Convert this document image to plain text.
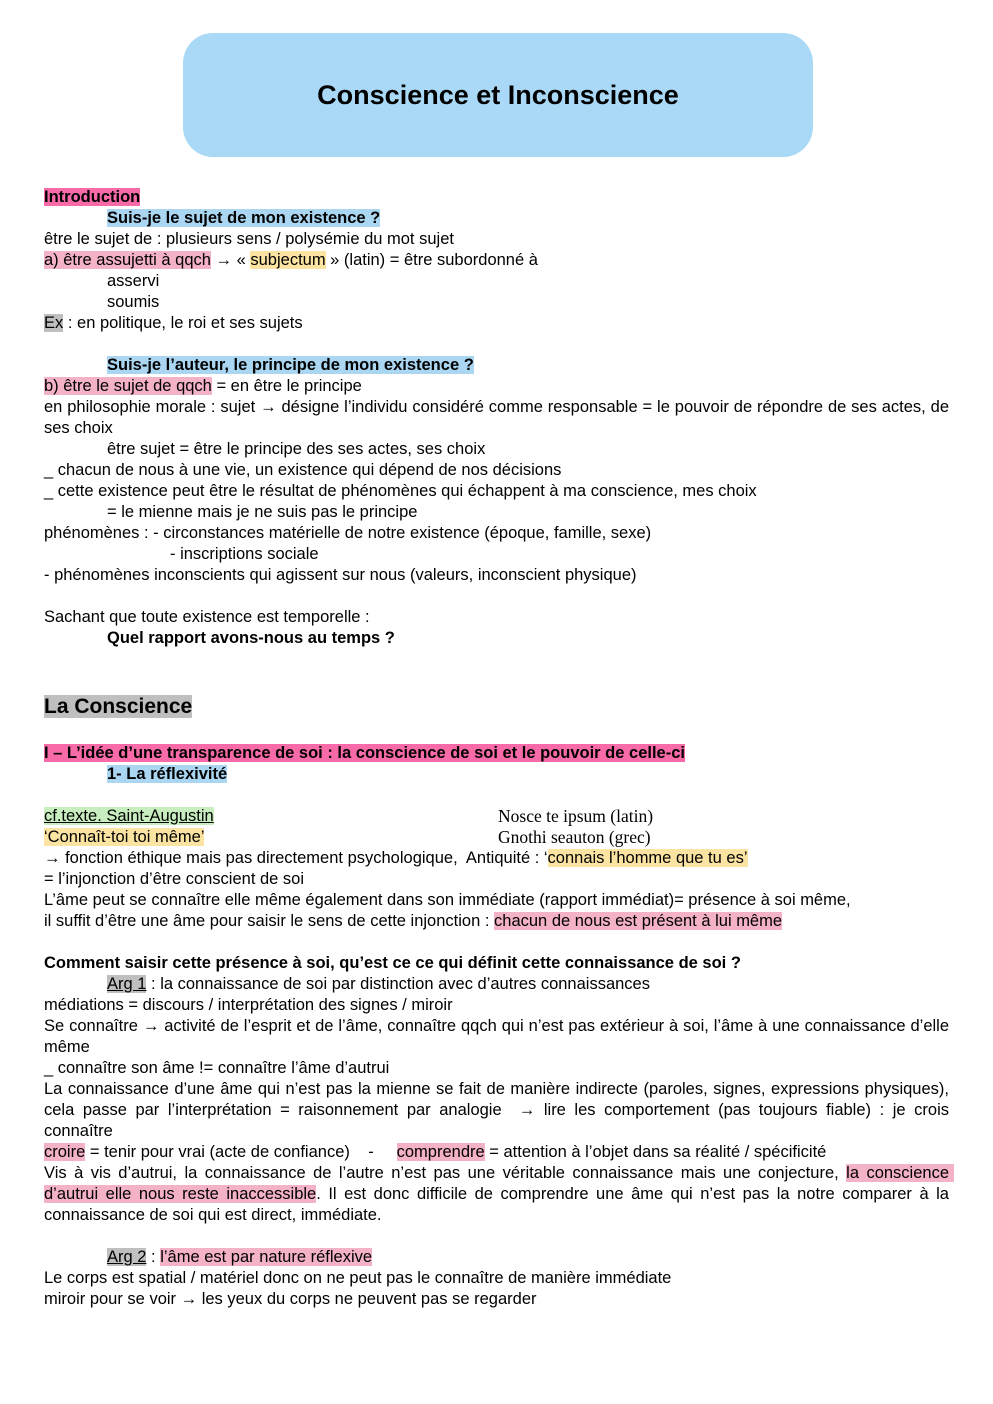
Conscience et Inconscience
Introduction
Suis-je le sujet de mon existence ?
être le sujet de : plusieurs sens / polysémie du mot sujet
a) être assujetti à qqch → « subjectum » (latin) = être subordonné à
asservi
soumis
Ex : en politique, le roi et ses sujets
Suis-je l’auteur, le principe de mon existence ?
b) être le sujet de qqch = en être le principe
en philosophie morale : sujet → désigne l’individu considéré comme responsable = le pouvoir de répondre de ses actes, de ses choix
être sujet = être le principe des ses actes, ses choix
_ chacun de nous à une vie, un existence qui dépend de nos décisions
_ cette existence peut être le résultat de phénomènes qui échappent à ma conscience, mes choix
= le mienne mais je ne suis pas le principe
phénomènes : - circonstances matérielle de notre existence (époque, famille, sexe)
- inscriptions sociale
- phénomènes inconscients qui agissent sur nous (valeurs, inconscient physique)
Sachant que toute existence est temporelle :
Quel rapport avons-nous au temps ?
La Conscience
I – L’idée d’une transparence de soi : la conscience de soi et le pouvoir de celle-ci
1- La réflexivité
cf.texte. Saint-Augustin	Nosce te ipsum (latin)
‘Connaît-toi toi même’	Gnothi seauton (grec)
→ fonction éthique mais pas directement psychologique,  Antiquité : ‘connais l’homme que tu es’
= l’injonction d’être conscient de soi
L’âme peut se connaître elle même également dans son immédiate (rapport immédiat)= présence à soi même,
il suffit d’être une âme pour saisir le sens de cette injonction : chacun de nous est présent à lui même
Comment saisir cette présence à soi, qu’est ce ce qui définit cette connaissance de soi ?
Arg 1 : la connaissance de soi par distinction avec d’autres connaissances
médiations = discours / interprétation des signes / miroir
Se connaître → activité de l’esprit et de l’âme, connaître qqch qui n’est pas extérieur à soi, l’âme à une connaissance d’elle même
_ connaître son âme != connaître l’âme d’autrui
La connaissance d’une âme qui n’est pas la mienne se fait de manière indirecte (paroles, signes, expressions physiques), cela passe par l’interprétation = raisonnement par analogie  → lire les comportement (pas toujours fiable) : je crois connaître
croire = tenir pour vrai (acte de confiance)    -     comprendre = attention à l’objet dans sa réalité / spécificité
Vis à vis d’autrui, la connaissance de l’autre n’est pas une véritable connaissance mais une conjecture, la conscience d’autrui elle nous reste inaccessible. Il est donc difficile de comprendre une âme qui n’est pas la notre comparer à la connaissance de soi qui est direct, immédiate.
Arg 2 : l’âme est par nature réflexive
Le corps est spatial / matériel donc on ne peut pas le connaître de manière immédiate
miroir pour se voir → les yeux du corps ne peuvent pas se regarder
